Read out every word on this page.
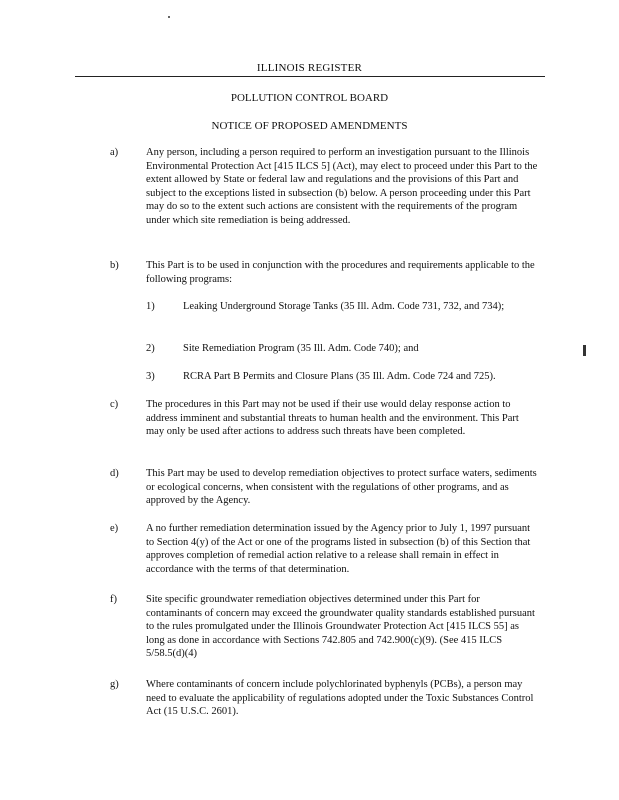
ILLINOIS REGISTER
POLLUTION CONTROL BOARD
NOTICE OF PROPOSED AMENDMENTS
a)	Any person, including a person required to perform an investigation pursuant to the Illinois Environmental Protection Act [415 ILCS 5] (Act), may elect to proceed under this Part to the extent allowed by State or federal law and regulations and the provisions of this Part and subject to the exceptions listed in subsection (b) below. A person proceeding under this Part may do so to the extent such actions are consistent with the requirements of the program under which site remediation is being addressed.
b)	This Part is to be used in conjunction with the procedures and requirements applicable to the following programs:
1)	Leaking Underground Storage Tanks (35 Ill. Adm. Code 731, 732, and 734);
2)	Site Remediation Program (35 Ill. Adm. Code 740); and
3)	RCRA Part B Permits and Closure Plans (35 Ill. Adm. Code 724 and 725).
c)	The procedures in this Part may not be used if their use would delay response action to address imminent and substantial threats to human health and the environment. This Part may only be used after actions to address such threats have been completed.
d)	This Part may be used to develop remediation objectives to protect surface waters, sediments or ecological concerns, when consistent with the regulations of other programs, and as approved by the Agency.
e)	A no further remediation determination issued by the Agency prior to July 1, 1997 pursuant to Section 4(y) of the Act or one of the programs listed in subsection (b) of this Section that approves completion of remedial action relative to a release shall remain in effect in accordance with the terms of that determination.
f)	Site specific groundwater remediation objectives determined under this Part for contaminants of concern may exceed the groundwater quality standards established pursuant to the rules promulgated under the Illinois Groundwater Protection Act [415 ILCS 55] as long as done in accordance with Sections 742.805 and 742.900(c)(9). (See 415 ILCS 5/58.5(d)(4)
g)	Where contaminants of concern include polychlorinated byphenyls (PCBs), a person may need to evaluate the applicability of regulations adopted under the Toxic Substances Control Act (15 U.S.C. 2601).
